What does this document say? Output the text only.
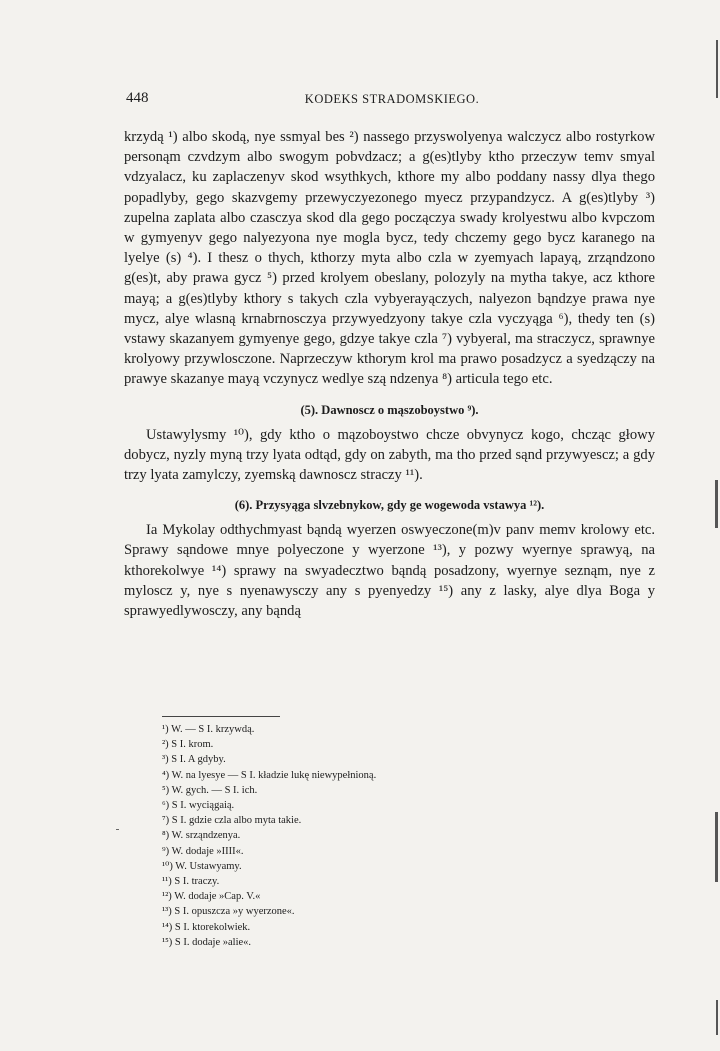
448	KODEKS STRADOMSKIEGO.

krzydą ¹) albo skodą, nye ssmyal bes ²) nassego przyswolyenya walczycz albo rostyrkow personąm czvdzym albo swogym pobvdzacz; a g(es)tlyby ktho przeczyw temv smyal vdzyalacz, ku zaplaczenyv skod wsythkych, kthore my albo poddany nassy dlya thego popadlyby, gego skazvgemy przewyczyezonego myecz przypandzycz. A g(es)tlyby ³) zupelna zaplata albo czasczya skod dla gego począczya swady krolyestwu albo kvpczom w gymyenyv gego nalyezyona nye mogla bycz, tedy chczemy gego bycz karanego na lyelye (s) ⁴). I thesz o thych, kthorzy myta albo czla w zyemyach lapayą, zrząndzono g(es)t, aby prawa gycz ⁵) przed krolyem obeslany, polozyly na mytha takye, acz kthore mayą; a g(es)tlyby kthory s takych czla vybyerayączych, nalyezon bąndzye prawa nye mycz, alye wlasną krnabrnosczya przywyedzyony takye czla vyczyąga ⁶), thedy ten (s) vstawy skazanyem gymyenye gego, gdzye takye czla ⁷) vybyeral, ma straczycz, sprawnye krolyowy przywlosczone. Naprzeczyw kthorym krol ma prawo posadzycz a syedzączy na prawye skazanye mayą vczynycz wedlye szą ndzenya ⁸) articula tego etc.

(5). Dawnoscz o mąszoboystwo ⁹).

Ustawylysmy ¹⁰), gdy ktho o mązoboystwo chcze obvynycz kogo, chcząc głowy dobycz, nyzly myną trzy lyata odtąd, gdy on zabyth, ma tho przed sąnd przywyescz; a gdy trzy lyata zamylczy, zyemską dawnoscz straczy ¹¹).

(6). Przysyąga slvzebnykow, gdy ge wogewoda vstawya ¹²).

Ia Mykolay odthychmyast bąndą wyerzen oswyeczone(m)v panv memv krolowy etc. Sprawy sąndowe mnye polyeczone y wyerzone ¹³), y pozwy wyernye sprawyą, na kthorekolwye ¹⁴) sprawy na swyadecztwo bąndą posadzony, wyernye seznąm, nye z myloscz y, nye s nyenawysczy any s pyenyedzy ¹⁵) any z lasky, alye dlya Boga y sprawyedlywosczy, any bąndą

¹) W. — S I. krzywdą.
²) S I. krom.
³) S I. A gdyby.
⁴) W. na lyesye — S I. kładzie lukę niewypełnioną.
⁵) W. gych. — S I. ich.
⁶) S I. wyciągaią.
⁷) S I. gdzie czla albo myta takie.
⁸) W. srząndzenya.
⁹) W. dodaje »IIII«.
¹⁰) W. Ustawyamy.
¹¹) S I. traczy.
¹²) W. dodaje »Cap. V.«
¹³) S I. opuszcza »y wyerzone«.
¹⁴) S I. ktorekolwiek.
¹⁵) S I. dodaje »alie«.
